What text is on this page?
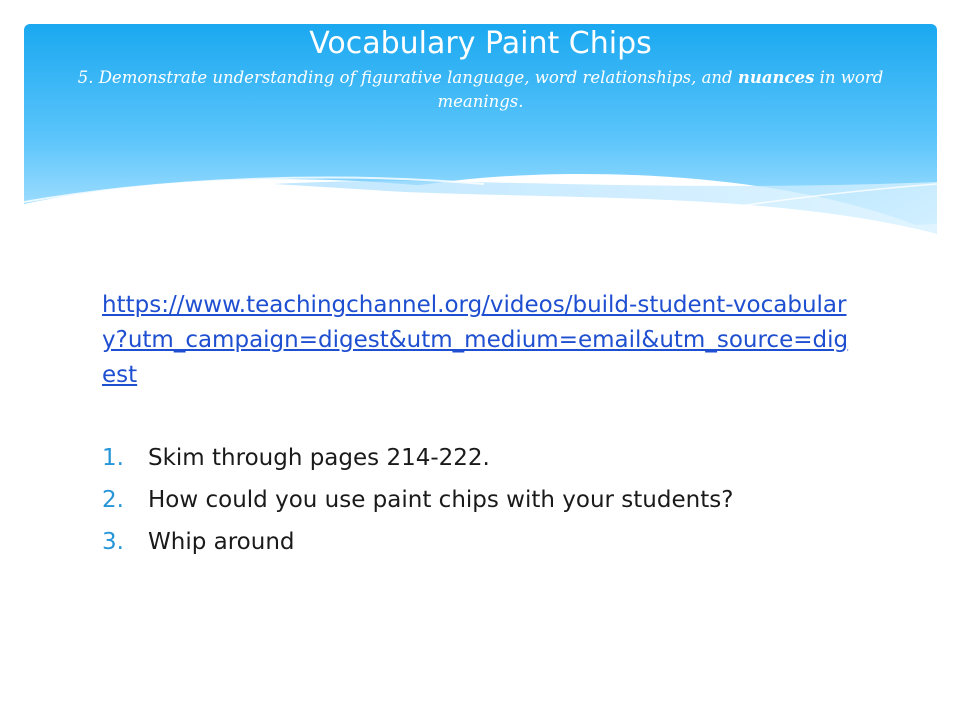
Vocabulary Paint Chips
5. Demonstrate understanding of figurative language, word relationships, and nuances in word meanings.
https://www.teachingchannel.org/videos/build-student-vocabulary?utm_campaign=digest&utm_medium=email&utm_source=digest
1.	Skim through pages 214-222.
2.	How could you use paint chips with your students?
3.	Whip around
